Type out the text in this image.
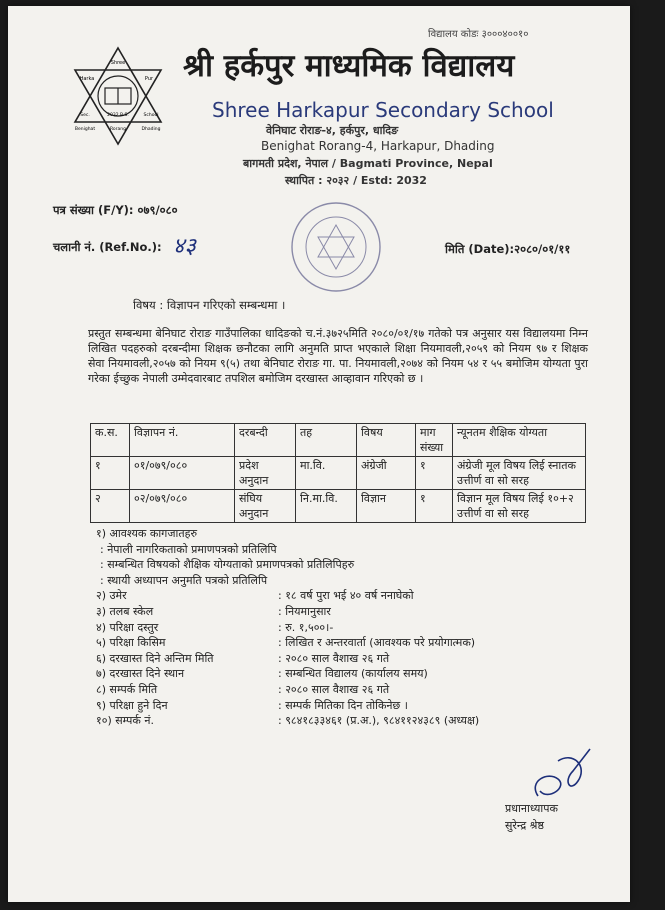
विद्यालय कोडः ३०००४००१०
Shree
Harka	Pur
Sec.	2032 B.S.	School
Benighat	Rorang	Dhading
श्री हर्कपुर माध्यमिक विद्यालय
Shree Harkapur Secondary School
वेनिघाट रोराङ-४, हर्कपुर, धादिङ
Benighat Rorang-4, Harkapur, Dhading
बागमती प्रदेश, नेपाल / Bagmati Province, Nepal
स्थापित : २०३२ / Estd: 2032
पत्र संख्या (F/Y): ०७९/०८०
चलानी नं. (Ref.No.): ४३	मिति (Date):२०८०/०१/११
विषय : विज्ञापन गरिएको सम्बन्धमा ।
प्रस्तुत सम्बन्धमा बेनिघाट रोराङ गाउँपालिका धादिङको च.नं.३७२५मिति २०८०/०१/१७ गतेको पत्र अनुसार यस विद्यालयमा निम्न लिखित पदहरुको दरबन्दीमा शिक्षक छनौटका लागि अनुमति प्राप्त भएकाले शिक्षा नियमावली,२०५९ को नियम ९७ र शिक्षक सेवा नियमावली,२०५७ को नियम ९(५) तथा बेनिघाट रोराङ गा. पा. नियमावली,२०७४ को नियम ५४ र ५५ बमोजिम योग्यता पुरा गरेका ईच्छुक नेपाली उम्मेदवारबाट तपशिल बमोजिम दरखास्त आव्हावान गरिएको छ ।
क.स.	विज्ञापन नं.	दरबन्दी	तह	विषय	माग संख्या	न्यूनतम शैक्षिक योग्यता
१	०१/०७९/०८०	प्रदेश अनुदान	मा.वि.	अंग्रेजी	१	अंग्रेजी मूल विषय लिई स्नातक उत्तीर्ण वा सो सरह
२	०२/०७९/०८०	संघिय अनुदान	नि.मा.वि.	विज्ञान	१	विज्ञान मूल विषय लिई १०+२ उत्तीर्ण वा सो सरह
१) आवश्यक कागजातहरु
: नेपाली नागरिकताको प्रमाणपत्रको प्रतिलिपि
: सम्बन्धित विषयको शैक्षिक योग्यताको प्रमाणपत्रको प्रतिलिपिहरु
: स्थायी अध्यापन अनुमति पत्रको प्रतिलिपि
२) उमेर	: १८ वर्ष पुरा भई ४० वर्ष ननाघेको
३) तलब स्केल	: नियमानुसार
४) परिक्षा दस्तुर	: रु. १,५००।-
५) परिक्षा किसिम	: लिखित र अन्तरवार्ता (आवश्यक परे प्रयोगात्मक)
६) दरखास्त दिने अन्तिम मिति	: २०८० साल वैशाख २६ गते
७) दरखास्त दिने स्थान	: सम्बन्धित विद्यालय (कार्यालय समय)
८) सम्पर्क मिति	: २०८० साल वैशाख २६ गते
९) परिक्षा हुने दिन	: सम्पर्क मितिका दिन तोकिनेछ ।
१०) सम्पर्क नं.	: ९८४१८३३४६१ (प्र.अ.), ९८४११२४३८९ (अध्यक्ष)
प्रधानाध्यापक
सुरेन्द्र श्रेष्ठ
